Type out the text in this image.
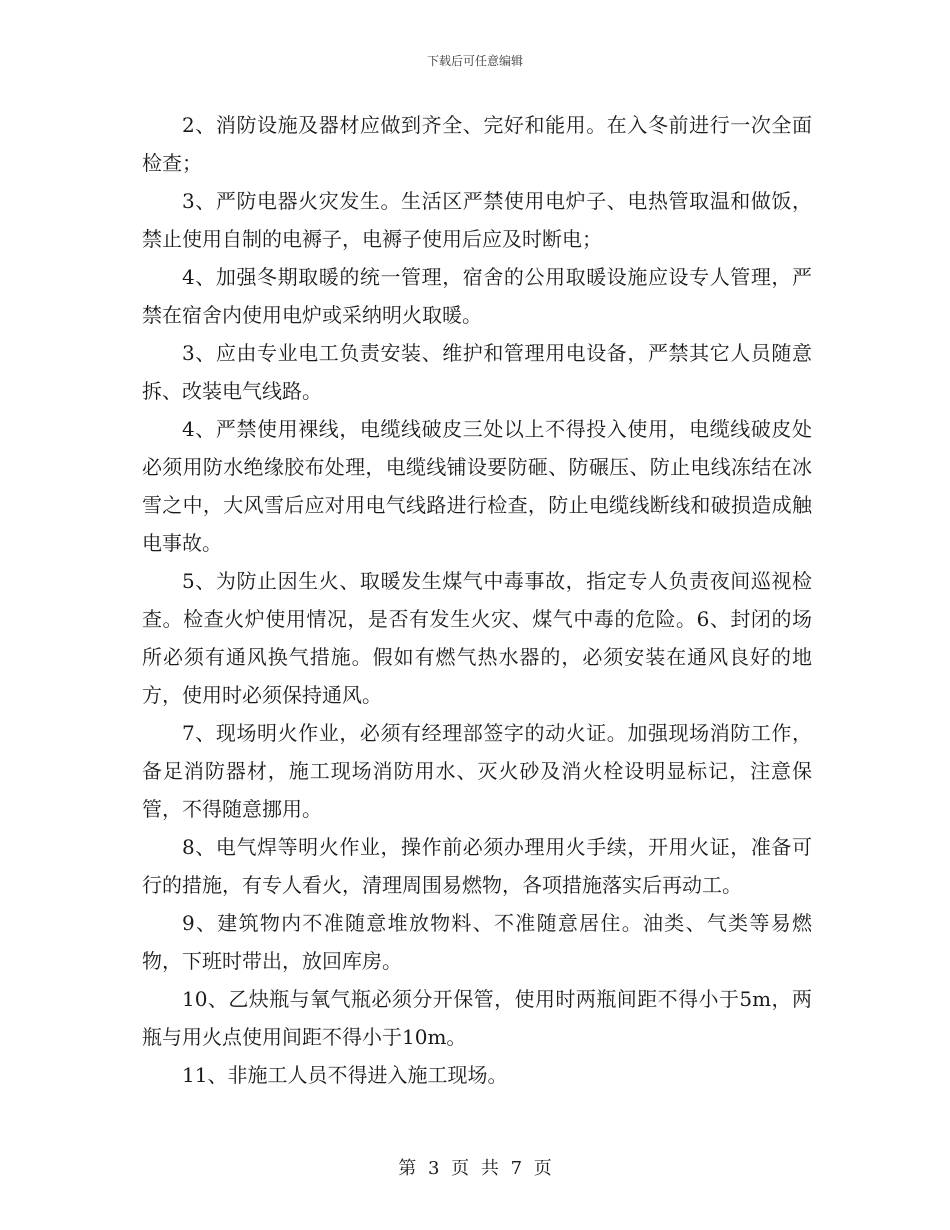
下载后可任意编辑

2、消防设施及器材应做到齐全、完好和能用。在入冬前进行一次全面检查；

3、严防电器火灾发生。生活区严禁使用电炉子、电热管取温和做饭，禁止使用自制的电褥子，电褥子使用后应及时断电；

4、加强冬期取暖的统一管理，宿舍的公用取暖设施应设专人管理，严禁在宿舍内使用电炉或采纳明火取暖。

3、应由专业电工负责安装、维护和管理用电设备，严禁其它人员随意拆、改装电气线路。

4、严禁使用裸线，电缆线破皮三处以上不得投入使用，电缆线破皮处必须用防水绝缘胶布处理，电缆线铺设要防砸、防碾压、防止电线冻结在冰雪之中，大风雪后应对用电气线路进行检查，防止电缆线断线和破损造成触电事故。

5、为防止因生火、取暖发生煤气中毒事故，指定专人负责夜间巡视检查。检查火炉使用情况，是否有发生火灾、煤气中毒的危险。6、封闭的场所必须有通风换气措施。假如有燃气热水器的，必须安装在通风良好的地方，使用时必须保持通风。

7、现场明火作业，必须有经理部签字的动火证。加强现场消防工作，备足消防器材，施工现场消防用水、灭火砂及消火栓设明显标记，注意保管，不得随意挪用。

8、电气焊等明火作业，操作前必须办理用火手续，开用火证，准备可行的措施，有专人看火，清理周围易燃物，各项措施落实后再动工。

9、建筑物内不准随意堆放物料、不准随意居住。油类、气类等易燃物，下班时带出，放回库房。

10、乙炔瓶与氧气瓶必须分开保管，使用时两瓶间距不得小于5m，两瓶与用火点使用间距不得小于10m。

11、非施工人员不得进入施工现场。

第 3 页 共 7 页
